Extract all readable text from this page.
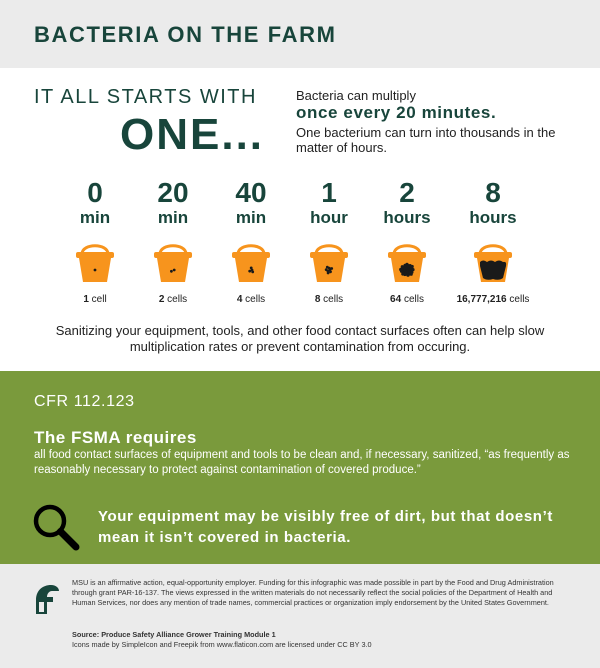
BACTERIA ON THE FARM
IT ALL STARTS WITH
ONE...
Bacteria can multiply
once every 20 minutes.
One bacterium can turn into thousands in the matter of hours.
0
min
1 cell
20
min
2 cells
40
min
4 cells
1
hour
8 cells
2
hours
64 cells
8
hours
16,777,216 cells
Sanitizing your equipment, tools, and other food contact surfaces often can help slow multiplication rates or prevent contamination from occuring.
CFR 112.123
The FSMA requires
all food contact surfaces of equipment and tools to be clean and, if necessary, sanitized, “as frequently as reasonably necessary to protect against contamination of covered produce.”
Your equipment may be visibly free of dirt, but that doesn’t mean it isn’t covered in bacteria.
MSU is an affirmative action, equal-opportunity employer. Funding for this infographic was made possible in part by the Food and Drug Administration through grant PAR-16-137. The views expressed in the written materials do not necessarily reflect the social policies of the Department of Health and Human Services, nor does any mention of trade names, commercial practices or organization imply endorsement by the United States Government.
Source: Produce Safety Alliance Grower Training Module 1
Icons made by SimpleIcon and Freepik from www.flaticon.com are licensed under CC BY 3.0
